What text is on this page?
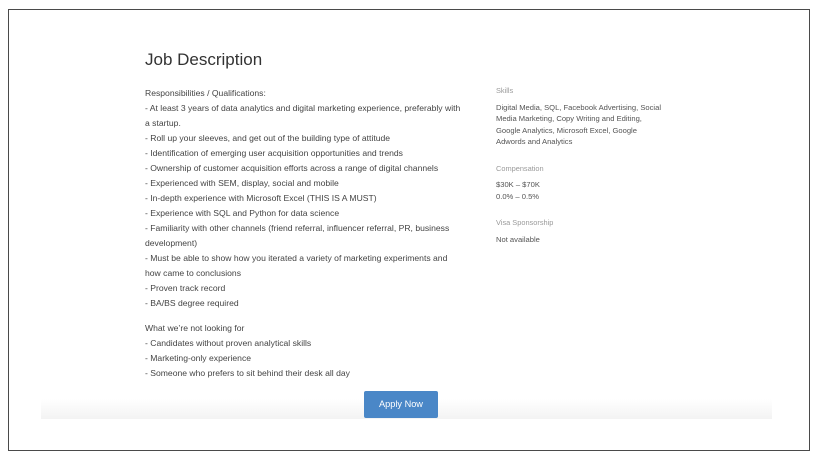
Job Description
Responsibilities / Qualifications:
- At least 3 years of data analytics and digital marketing experience, preferably with a startup.
- Roll up your sleeves, and get out of the building type of attitude
- Identification of emerging user acquisition opportunities and trends
- Ownership of customer acquisition efforts across a range of digital channels
- Experienced with SEM, display, social and mobile
- In-depth experience with Microsoft Excel (THIS IS A MUST)
- Experience with SQL and Python for data science
- Familiarity with other channels (friend referral, influencer referral, PR, business development)
- Must be able to show how you iterated a variety of marketing experiments and how came to conclusions
- Proven track record
- BA/BS degree required
What we’re not looking for
- Candidates without proven analytical skills
- Marketing-only experience
- Someone who prefers to sit behind their desk all day
Skills
Digital Media, SQL, Facebook Advertising, Social Media Marketing, Copy Writing and Editing, Google Analytics, Microsoft Excel, Google Adwords and Analytics
Compensation
$30K – $70K
0.0% – 0.5%
Visa Sponsorship
Not available
Apply Now
